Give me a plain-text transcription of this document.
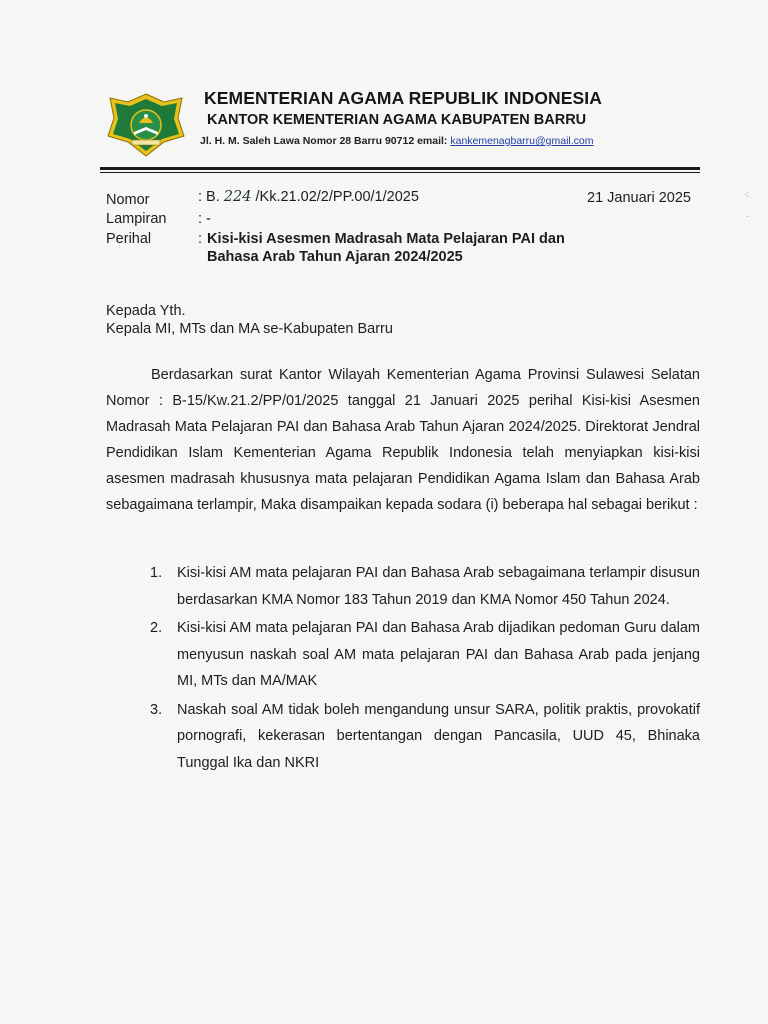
KEMENTERIAN AGAMA REPUBLIK INDONESIA
KANTOR KEMENTERIAN AGAMA KABUPATEN BARRU
Jl. H. M. Saleh Lawa Nomor 28 Barru 90712 email: kankemenagbarru@gmail.com
Nomor	: B. 224 /Kk.21.02/2/PP.00/1/2025	21 Januari 2025
Lampiran : -
Perihal	: Kisi-kisi Asesmen Madrasah Mata Pelajaran PAI dan
Bahasa Arab Tahun Ajaran 2024/2025
Kepada Yth.
Kepala MI, MTs dan MA se-Kabupaten Barru
Berdasarkan surat Kantor Wilayah Kementerian Agama Provinsi Sulawesi Selatan Nomor : B-15/Kw.21.2/PP/01/2025 tanggal 21 Januari 2025 perihal Kisi-kisi Asesmen Madrasah Mata Pelajaran PAI dan Bahasa Arab Tahun Ajaran 2024/2025. Direktorat Jendral Pendidikan Islam Kementerian Agama Republik Indonesia telah menyiapkan kisi-kisi asesmen madrasah khususnya mata pelajaran Pendidikan Agama Islam dan Bahasa Arab sebagaimana terlampir, Maka disampaikan kepada sodara (i) beberapa hal sebagai berikut :
1. Kisi-kisi AM mata pelajaran PAI dan Bahasa Arab sebagaimana terlampir disusun berdasarkan KMA Nomor 183 Tahun 2019 dan KMA Nomor 450 Tahun 2024.
2. Kisi-kisi AM mata pelajaran PAI dan Bahasa Arab dijadikan pedoman Guru dalam menyusun naskah soal AM mata pelajaran PAI dan Bahasa Arab pada jenjang MI, MTs dan MA/MAK
3. Naskah soal AM tidak boleh mengandung unsur SARA, politik praktis, provokatif pornografi, kekerasan bertentangan dengan Pancasila, UUD 45, Bhinaka Tunggal Ika dan NKRI
·:
·
